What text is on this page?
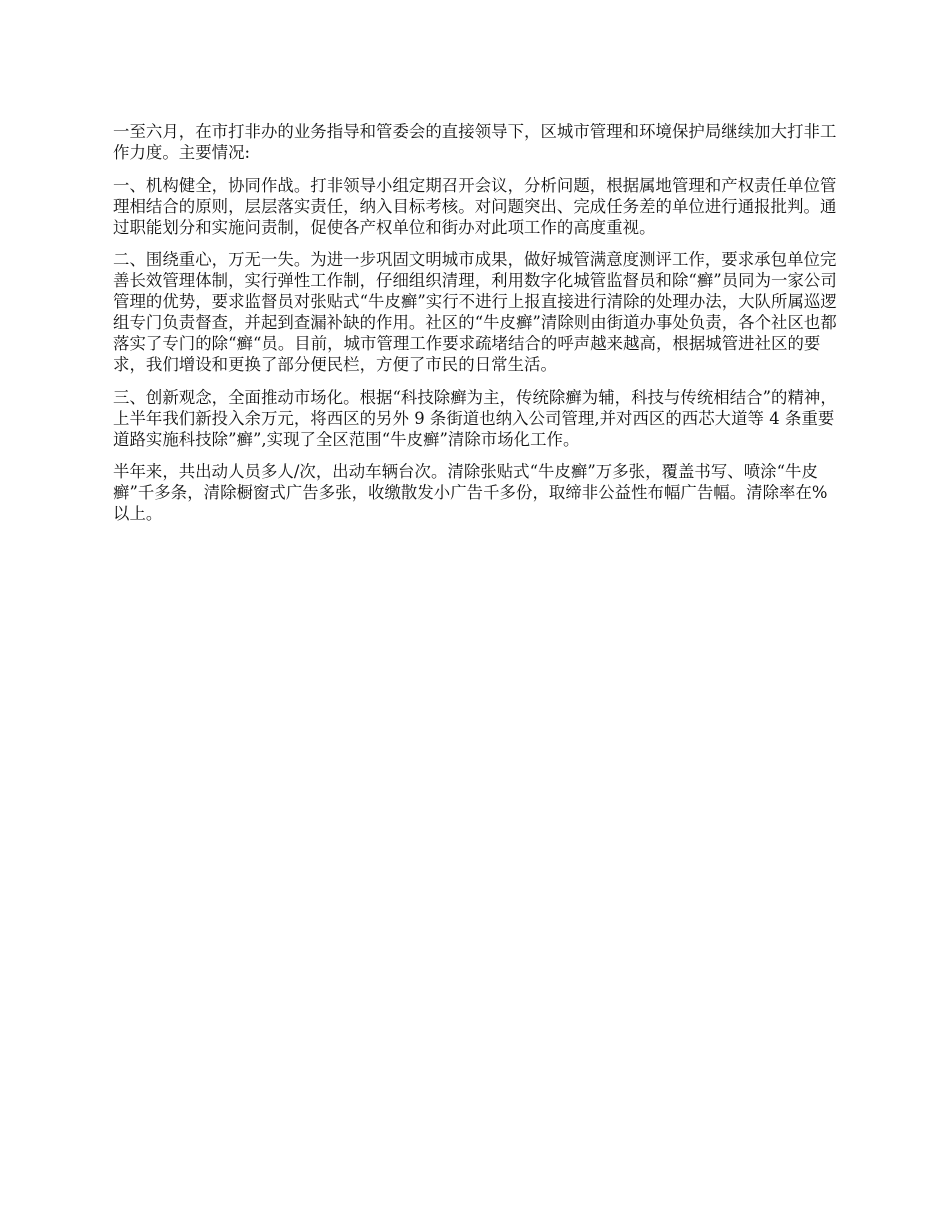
一至六月，在市打非办的业务指导和管委会的直接领导下，区城市管理和环境保护局继续加大打非工作力度。主要情况:

一、机构健全，协同作战。打非领导小组定期召开会议，分析问题，根据属地管理和产权责任单位管理相结合的原则，层层落实责任，纳入目标考核。对问题突出、完成任务差的单位进行通报批判。通过职能划分和实施问责制，促使各产权单位和街办对此项工作的高度重视。

二、围绕重心，万无一失。为进一步巩固文明城市成果，做好城管满意度测评工作，要求承包单位完善长效管理体制，实行弹性工作制，仔细组织清理，利用数字化城管监督员和除“癣”员同为一家公司管理的优势，要求监督员对张贴式“牛皮癣”实行不进行上报直接进行清除的处理办法，大队所属巡逻组专门负责督查，并起到查漏补缺的作用。社区的“牛皮癣”清除则由街道办事处负责，各个社区也都落实了专门的除“癣“员。目前，城市管理工作要求疏堵结合的呼声越来越高，根据城管进社区的要求，我们增设和更换了部分便民栏，方便了市民的日常生活。

三、创新观念，全面推动市场化。根据“科技除癣为主，传统除癣为辅，科技与传统相结合”的精神，上半年我们新投入余万元，将西区的另外 9 条街道也纳入公司管理,并对西区的西芯大道等 4 条重要道路实施科技除”癣”,实现了全区范围“牛皮癣”清除市场化工作。

半年来，共出动人员多人/次，出动车辆台次。清除张贴式“牛皮癣”万多张，覆盖书写、喷涂“牛皮癣”千多条，清除橱窗式广告多张，收缴散发小广告千多份，取缔非公益性布幅广告幅。清除率在%以上。
